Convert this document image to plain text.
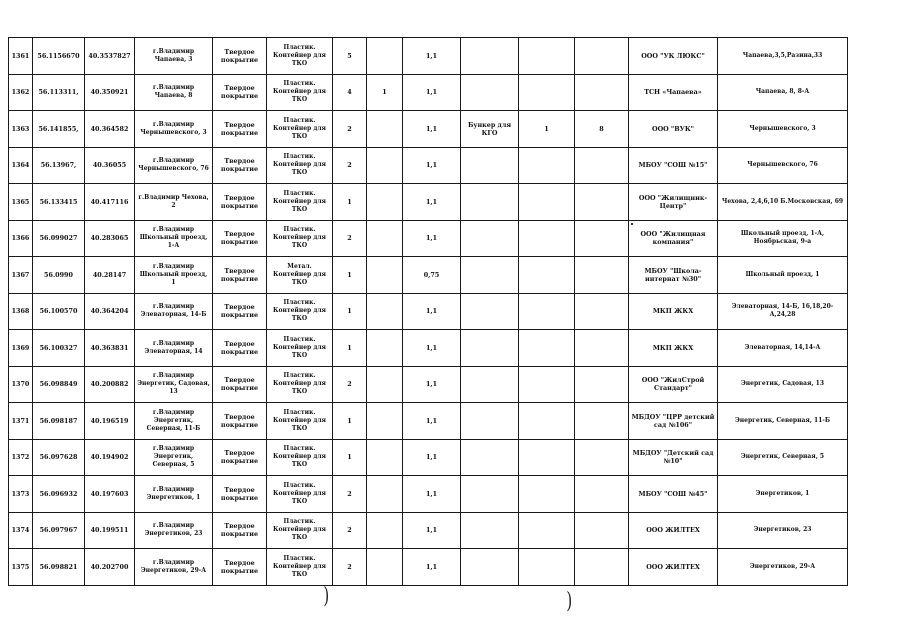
1361	56.1156670	40.3537827	г.Владимир Чапаева, 3	Твердое покрытие	Пластик. Контейнер для ТКО	5		1,1				ООО "УК ЛЮКС"	Чапаева,3,5,Разина,33
1362	56.113311,	40.350921	г.Владимир Чапаева, 8	Твердое покрытие	Пластик. Контейнер для ТКО	4	1	1,1				ТСН «Чапаева»	Чапаева, 8, 8-А
1363	56.141855,	40.364582	г.Владимир Чернышевского, 3	Твердое покрытие	Пластик. Контейнер для ТКО	2		1,1	Бункер для КГО	1	8	ООО "ВУК"	Чернышевского, 3
1364	56.13967,	40.36055	г.Владимир Чернышевского, 76	Твердое покрытие	Пластик. Контейнер для ТКО	2		1,1				МБОУ "СОШ №15"	Чернышевского, 76
1365	56.133415	40.417116	г.Владимир Чехова, 2	Твердое покрытие	Пластик. Контейнер для ТКО	1		1,1				ООО "Жилищник-Центр"	Чехова, 2,4,6,10 Б.Московская, 69
1366	56.099027	40.283065	г.Владимир Школьный проезд, 1-А	Твердое покрытие	Пластик. Контейнер для ТКО	2		1,1				ООО "Жилищная компания"	Школьный проезд, 1-А, Ноябрьская, 9-а
1367	56.0990	40.28147	г.Владимир Школьный проезд, 1	Твердое покрытие	Метал. Контейнер для ТКО	1		0,75				МБОУ "Школа-интернат №30"	Школьный проезд, 1
1368	56.100570	40.364204	г.Владимир Элеваторная, 14-Б	Твердое покрытие	Пластик. Контейнер для ТКО	1		1,1				МКП ЖКХ	Элеваторная, 14-Б, 16,18,20-А,24,28
1369	56.100327	40.363831	г.Владимир Элеваторная, 14	Твердое покрытие	Пластик. Контейнер для ТКО	1		1,1				МКП ЖКХ	Элеваторная, 14,14-А
1370	56.098849	40.200882	г.Владимир Энергетик, Садовая, 13	Твердое покрытие	Пластик. Контейнер для ТКО	2		1,1				ООО "ЖилСтрой Стандарт"	Энергетик, Садовая, 13
1371	56.098187	40.196519	г.Владимир Энергетик, Северная, 11-Б	Твердое покрытие	Пластик. Контейнер для ТКО	1		1,1				МБДОУ "ЦРР детский сад №106"	Энергетик, Северная, 11-Б
1372	56.097628	40.194902	г.Владимир Энергетик, Северная, 5	Твердое покрытие	Пластик. Контейнер для ТКО	1		1,1				МБДОУ "Детский сад №10"	Энергетик, Северная, 5
1373	56.096932	40.197603	г.Владимир Энергетиков, 1	Твердое покрытие	Пластик. Контейнер для ТКО	2		1,1				МБОУ "СОШ №45"	Энергетиков, 1
1374	56.097967	40.199511	г.Владимир Энергетиков, 23	Твердое покрытие	Пластик. Контейнер для ТКО	2		1,1				ООО ЖИЛТЕХ	Энергетиков, 23
1375	56.098821	40.202700	г.Владимир Энергетиков, 29-А	Твердое покрытие	Пластик. Контейнер для ТКО	2		1,1				ООО ЖИЛТЕХ	Энергетиков, 29-А
)	)
